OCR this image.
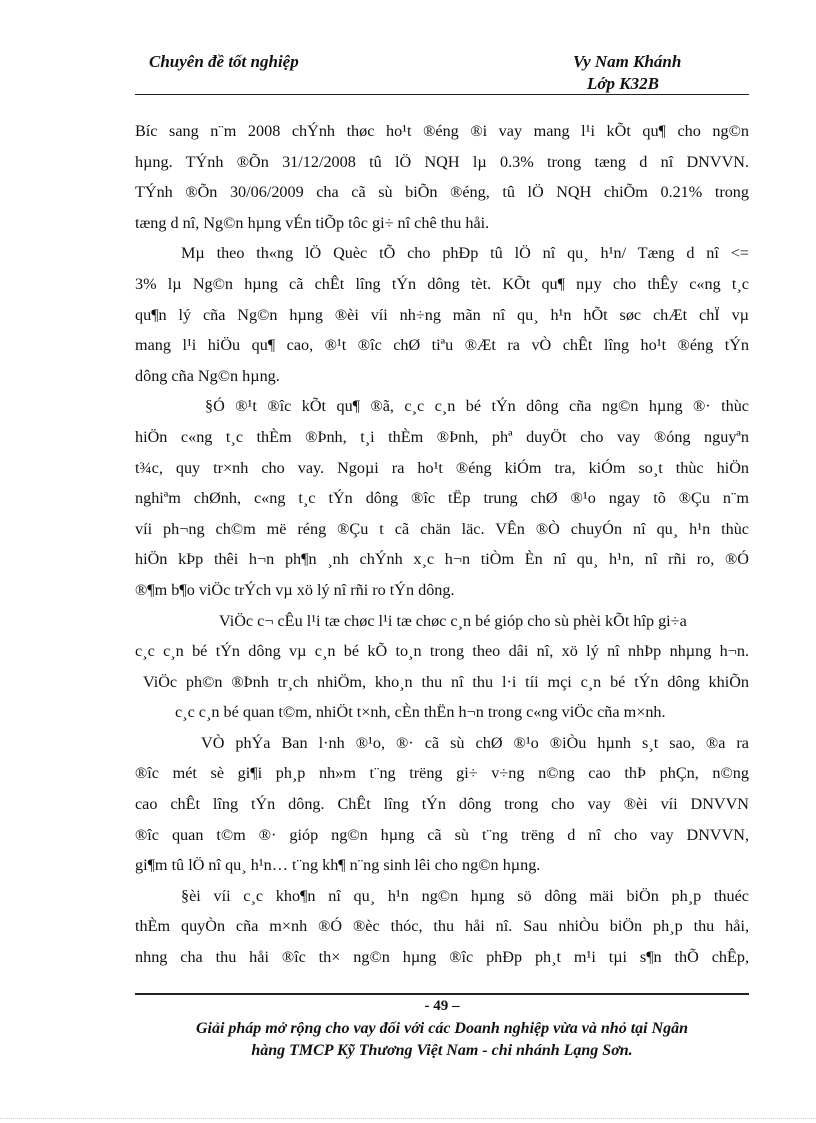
Chuyên đề tốt nghiệp	Vy Nam Khánh
Lớp K32B
Bíc sang n¨m 2008 chÝnh thøc ho¹t ®éng ®i vay mang l¹i kÕt qu¶ cho ng©n
hµng. TÝnh ®Õn 31/12/2008 tû lÖ NQH lµ 0.3% trong tæng d nî DNVVN.
TÝnh ®Õn 30/06/2009 cha cã sù biÕn ®éng, tû lÖ NQH chiÕm 0.21% trong
tæng d nî, Ng©n hµng vÉn tiÕp tôc gi÷ nî chê thu håi.
Mµ theo th«ng lÖ Quèc tÕ cho phÐp tû lÖ nî qu¸ h¹n/ Tæng d nî <=
3% lµ Ng©n hµng cã chÊt lîng tÝn dông tèt. KÕt qu¶ nµy cho thÊy c«ng t¸c
qu¶n lý cña Ng©n hµng ®èi víi nh÷ng mãn nî qu¸ h¹n hÕt søc chÆt chÏ vµ
mang l¹i hiÖu qu¶ cao, ®¹t ®îc chØ tiªu ®Æt ra vÒ chÊt lîng ho¹t ®éng tÝn
dông cña Ng©n hµng.
§Ó ®¹t ®îc kÕt qu¶ ®ã, c¸c c¸n bé tÝn dông cña ng©n hµng ®· thùc
hiÖn c«ng t¸c thÈm ®Þnh, t¸i thÈm ®Þnh, phª duyÖt cho vay ®óng nguyªn
t¾c, quy tr×nh cho vay. Ngoµi ra ho¹t ®éng kiÓm tra, kiÓm so¸t thùc hiÖn
nghiªm chØnh, c«ng t¸c tÝn dông ®îc tËp trung chØ ®¹o ngay tõ ®Çu n¨m
víi ph¬ng ch©m më réng ®Çu t cã chän läc. VÊn ®Ò chuyÓn nî qu¸ h¹n thùc
hiÖn kÞp thêi h¬n ph¶n ¸nh chÝnh x¸c h¬n tiÒm Èn nî qu¸ h¹n, nî rñi ro, ®Ó
®¶m b¶o viÖc trÝch vµ xö lý nî rñi ro tÝn dông.
ViÖc c¬ cÊu l¹i tæ chøc l¹i tæ chøc c¸n bé gióp cho sù phèi kÕt hîp gi÷a
c¸c c¸n bé tÝn dông vµ c¸n bé kÕ to¸n trong theo dâi nî, xö lý nî nhÞp nhµng h¬n.
ViÖc ph©n ®Þnh tr¸ch nhiÖm, kho¸n thu nî thu l·i tíi mçi c¸n bé tÝn dông khiÕn
c¸c c¸n bé quan t©m, nhiÖt t×nh, cÈn thËn h¬n trong c«ng viÖc cña m×nh.
VÒ phÝa Ban l·nh ®¹o, ®· cã sù chØ ®¹o ®iÒu hµnh s¸t sao, ®a ra
®îc mét sè gi¶i ph¸p nh»m t¨ng trëng gi÷ v÷ng n©ng cao thÞ phÇn, n©ng
cao chÊt lîng tÝn dông. ChÊt lîng tÝn dông trong cho vay ®èi víi DNVVN
®îc quan t©m ®· gióp ng©n hµng cã sù t¨ng trëng d nî cho vay DNVVN,
gi¶m tû lÖ nî qu¸ h¹n… t¨ng kh¶ n¨ng sinh lêi cho ng©n hµng.
§èi víi c¸c kho¶n nî qu¸ h¹n ng©n hµng sö dông mäi biÖn ph¸p thuéc
thÈm quyÒn cña m×nh ®Ó ®èc thóc, thu håi nî. Sau nhiÒu biÖn ph¸p thu håi,
nhng cha thu håi ®îc th× ng©n hµng ®îc phÐp ph¸t m¹i tµi s¶n thÕ chÊp,
- 49 –
Giải pháp mở rộng cho vay đối với các Doanh nghiệp vừa và nhỏ tại Ngân
hàng TMCP Kỹ Thương Việt Nam - chi nhánh Lạng Sơn.
